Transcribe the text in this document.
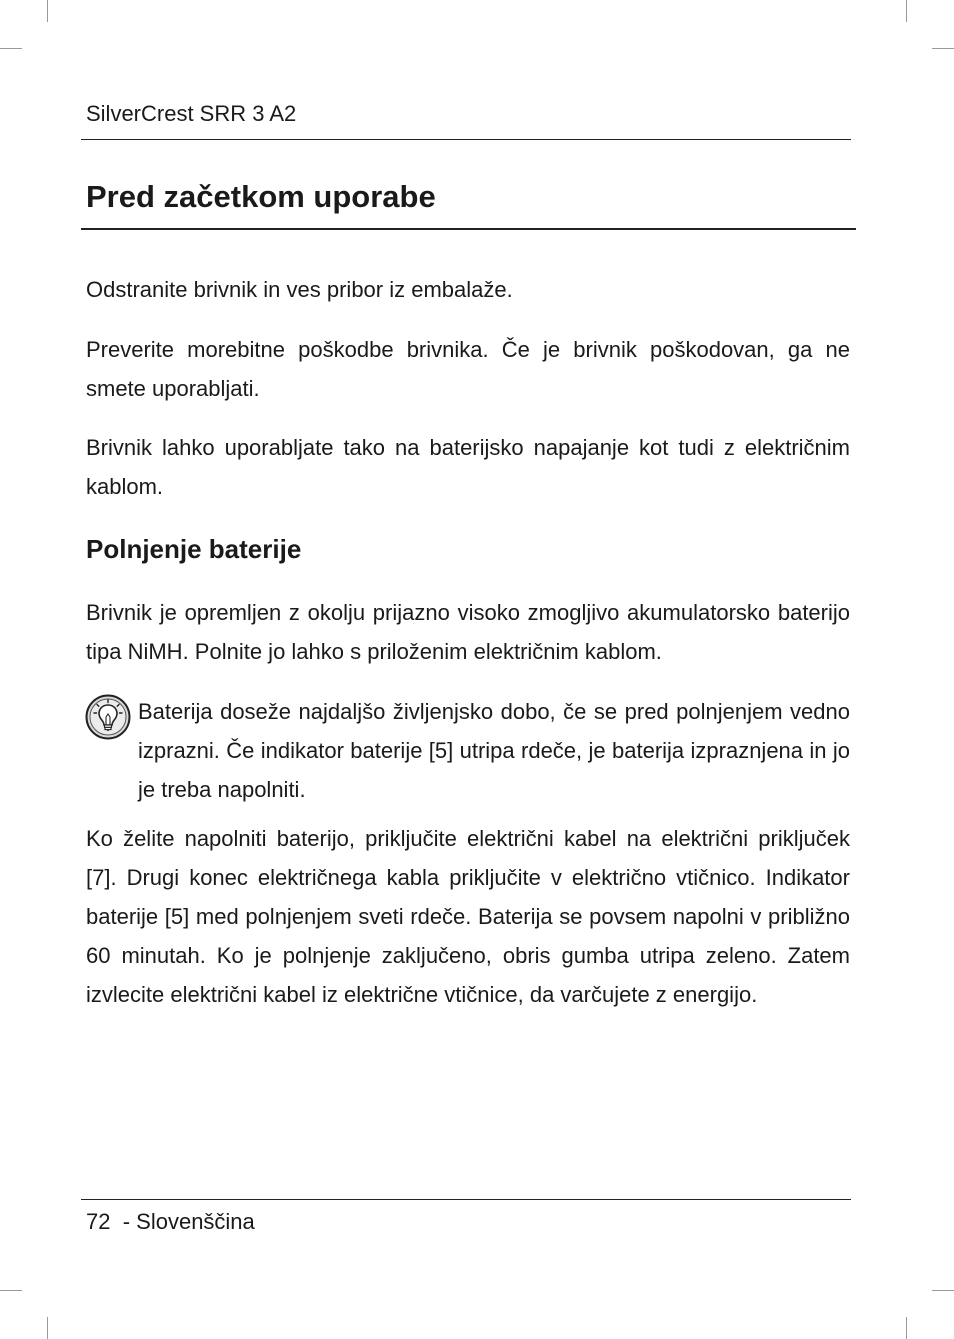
SilverCrest SRR 3 A2
Pred začetkom uporabe

Odstranite brivnik in ves pribor iz embalaže.

Preverite morebitne poškodbe brivnika. Če je brivnik poškodovan, ga ne smete uporabljati.

Brivnik lahko uporabljate tako na baterijsko napajanje kot tudi z električnim kablom.

Polnjenje baterije

Brivnik je opremljen z okolju prijazno visoko zmogljivo akumulatorsko baterijo tipa NiMH. Polnite jo lahko s priloženim električnim kablom.

Baterija doseže najdaljšo življenjsko dobo, če se pred polnjenjem vedno izprazni. Če indikator baterije [5] utripa rdeče, je baterija izpraznjena in jo je treba napolniti.

Ko želite napolniti baterijo, priključite električni kabel na električni priključek [7]. Drugi konec električnega kabla priključite v električno vtičnico. Indikator baterije [5] med polnjenjem sveti rdeče. Baterija se povsem napolni v približno 60 minutah. Ko je polnjenje zaključeno, obris gumba utripa zeleno. Zatem izvlecite električni kabel iz električne vtičnice, da varčujete z energijo.

72  - Slovenščina
